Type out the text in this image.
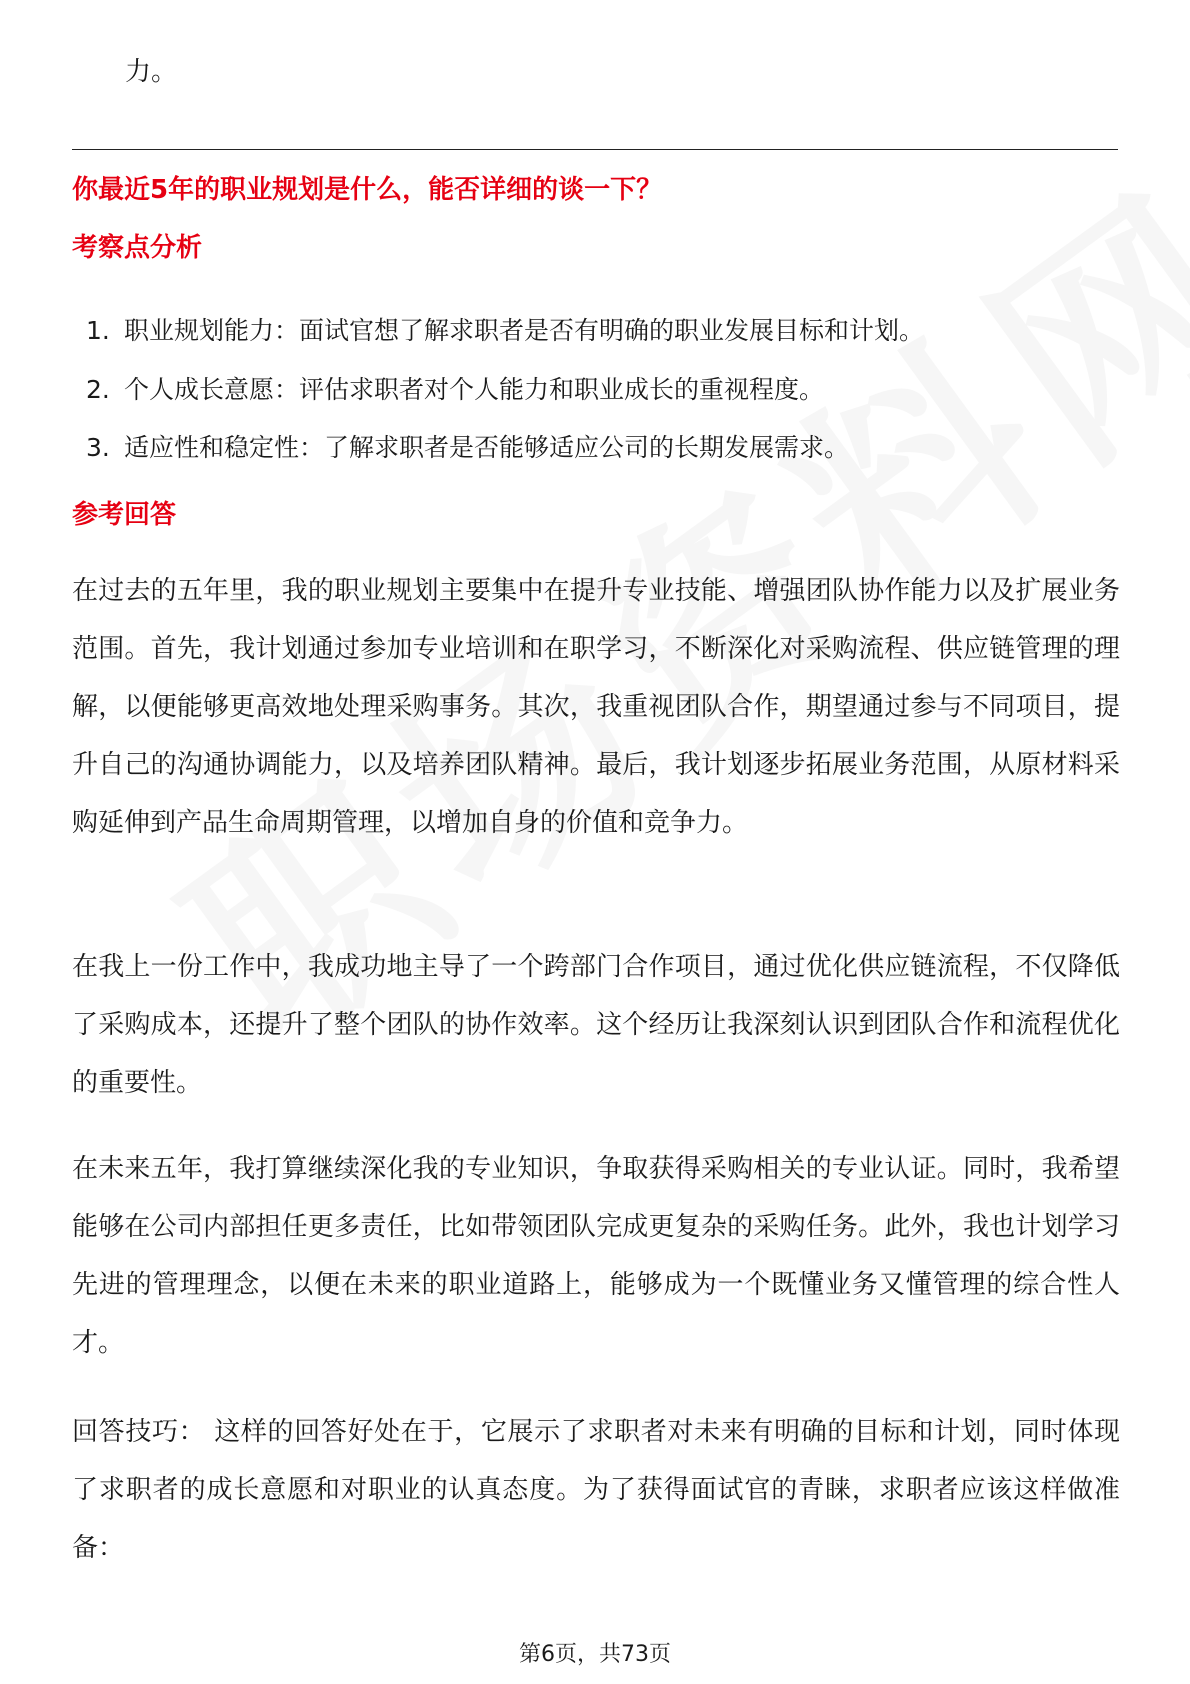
力。
你最近5年的职业规划是什么，能否详细的谈一下？
考察点分析
1. 职业规划能力：面试官想了解求职者是否有明确的职业发展目标和计划。
2. 个人成长意愿：评估求职者对个人能力和职业成长的重视程度。
3. 适应性和稳定性：了解求职者是否能够适应公司的长期发展需求。
参考回答

在过去的五年里，我的职业规划主要集中在提升专业技能、增强团队协作能力以及扩展业务范围。首先，我计划通过参加专业培训和在职学习，不断深化对采购流程、供应链管理的理解，以便能够更高效地处理采购事务。其次，我重视团队合作，期望通过参与不同项目，提升自己的沟通协调能力，以及培养团队精神。最后，我计划逐步拓展业务范围，从原材料采购延伸到产品生命周期管理，以增加自身的价值和竞争力。

在我上一份工作中，我成功地主导了一个跨部门合作项目，通过优化供应链流程，不仅降低了采购成本，还提升了整个团队的协作效率。这个经历让我深刻认识到团队合作和流程优化的重要性。

在未来五年，我打算继续深化我的专业知识，争取获得采购相关的专业认证。同时，我希望能够在公司内部担任更多责任，比如带领团队完成更复杂的采购任务。此外，我也计划学习先进的管理理念，以便在未来的职业道路上，能够成为一个既懂业务又懂管理的综合性人才。

回答技巧： 这样的回答好处在于，它展示了求职者对未来有明确的目标和计划，同时体现了求职者的成长意愿和对职业的认真态度。为了获得面试官的青睐，求职者应该这样做准备：

第6页，共73页
